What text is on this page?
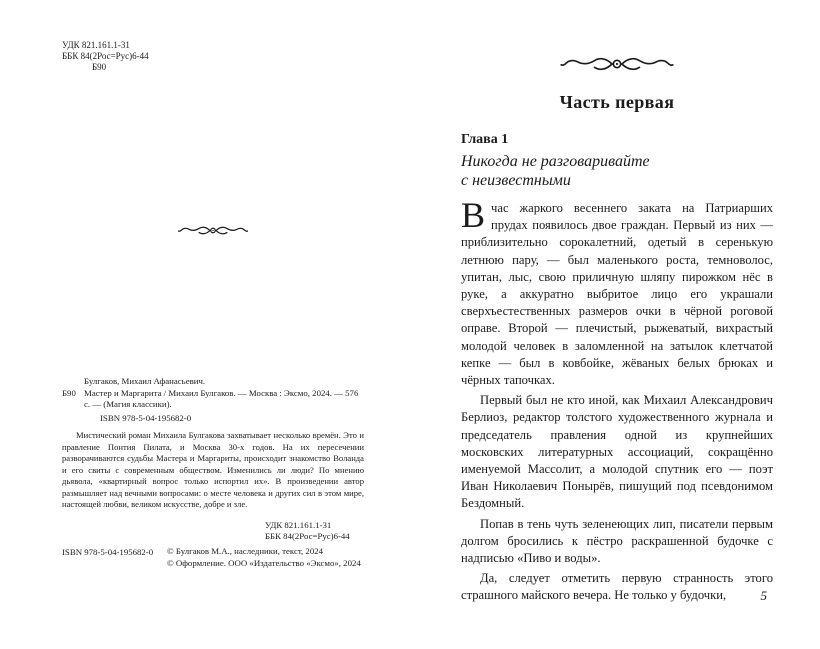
УДК 821.161.1-31
ББК 84(2Рос=Рус)6-44
Б90
Булгаков, Михаил Афанасьевич.
Б90 Мастер и Маргарита / Михаил Булгаков. — Москва : Эксмо, 2024. — 576 с. — (Магия классики).
ISBN 978-5-04-195682-0
Мистический роман Михаила Булгакова захватывает несколько времён. Это и правление Понтия Пилата, и Москва 30-х годов. На их пересечении разворачиваются судьбы Мастера и Маргариты, происходит знакомство Воланда и его свиты с современным обществом. Изменились ли люди? По мнению дьявола, «квартирный вопрос только испортил их». В произведении автор размышляет над вечными вопросами: о месте человека и других сил в этом мире, настоящей любви, великом искусстве, добре и зле.
УДК 821.161.1-31
ББК 84(2Рос=Рус)6-44
ISBN 978-5-04-195682-0 © Булгаков М.А., наследники, текст, 2024
© Оформление. ООО «Издательство «Эксмо», 2024
Часть первая
Глава 1
Никогда не разговаривайте
с неизвестными

Вчас жаркого весеннего заката на Патриарших прудах появилось двое граждан. Первый из них — приблизительно сорокалетний, одетый в серенькую летнюю пару, — был маленького роста, темноволос, упитан, лыс, свою приличную шляпу пирожком нёс в руке, а аккуратно выбритое лицо его украшали сверхъестественных размеров очки в чёрной роговой оправе. Второй — плечистый, рыжеватый, вихрастый молодой человек в заломленной на затылок клетчатой кепке — был в ковбойке, жёваных белых брюках и чёрных тапочках.

Первый был не кто иной, как Михаил Александрович Берлиоз, редактор толстого художественного журнала и председатель правления одной из крупнейших московских литературных ассоциаций, сокращённо именуемой Массолит, а молодой спутник его — поэт Иван Николаевич Понырёв, пишущий под псевдонимом Бездомный.

Попав в тень чуть зеленеющих лип, писатели первым долгом бросились к пёстро раскрашенной будочке с надписью «Пиво и воды».

Да, следует отметить первую странность этого страшного майского вечера. Не только у будочки,	5
